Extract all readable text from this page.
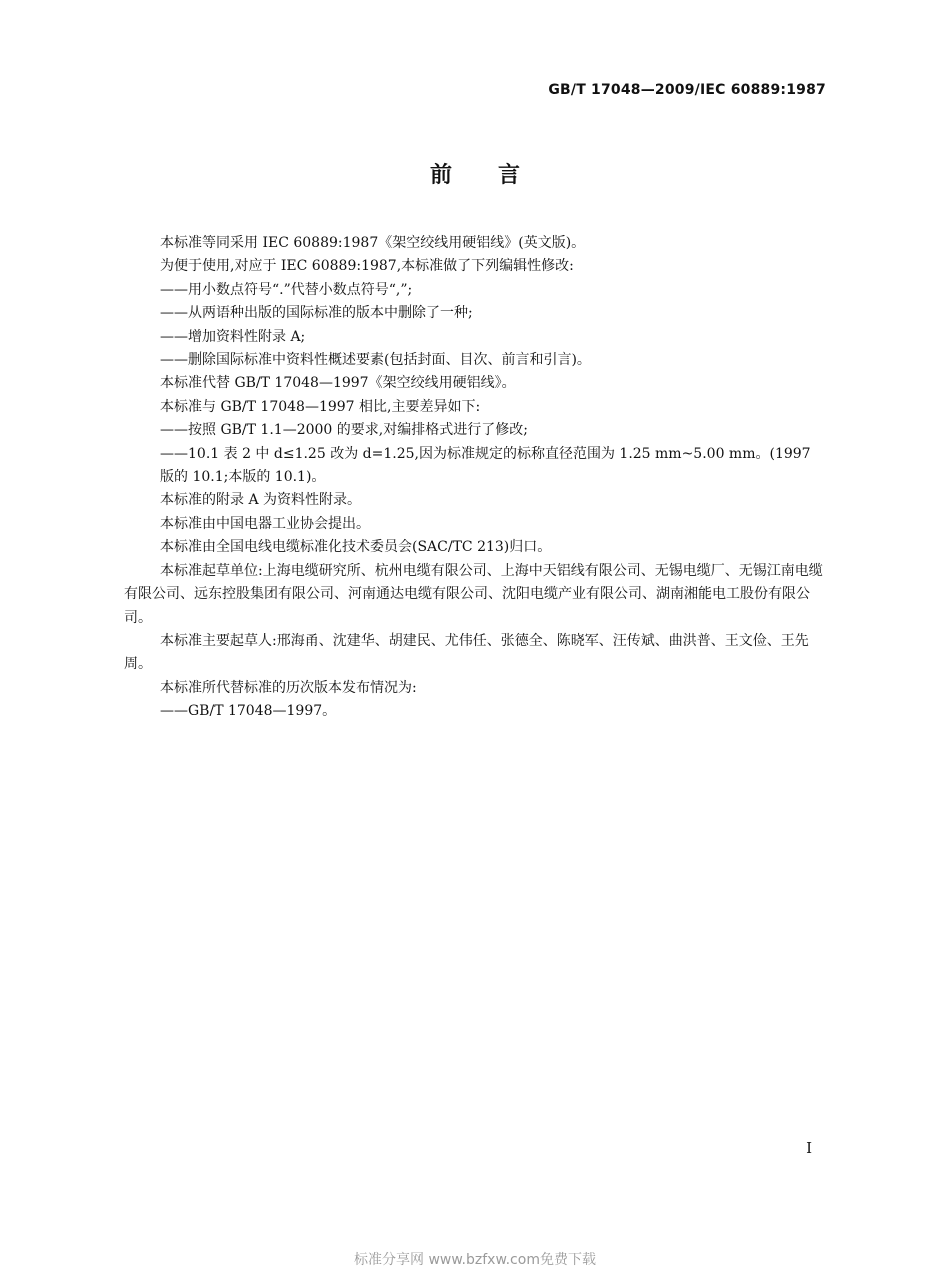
GB/T 17048—2009/IEC 60889:1987
前言

本标准等同采用 IEC 60889:1987《架空绞线用硬铝线》(英文版)。

为便于使用,对应于 IEC 60889:1987,本标准做了下列编辑性修改:

——用小数点符号“.”代替小数点符号“,”;

——从两语种出版的国际标准的版本中删除了一种;

——增加资料性附录 A;

——删除国际标准中资料性概述要素(包括封面、目次、前言和引言)。

本标准代替 GB/T 17048—1997《架空绞线用硬铝线》。

本标准与 GB/T 17048—1997 相比,主要差异如下:

——按照 GB/T 1.1—2000 的要求,对编排格式进行了修改;

——10.1 表 2 中 d≤1.25 改为 d=1.25,因为标准规定的标称直径范围为 1.25 mm~5.00 mm。(1997 版的 10.1;本版的 10.1)。

本标准的附录 A 为资料性附录。

本标准由中国电器工业协会提出。

本标准由全国电线电缆标准化技术委员会(SAC/TC 213)归口。

本标准起草单位:上海电缆研究所、杭州电缆有限公司、上海中天铝线有限公司、无锡电缆厂、无锡江南电缆有限公司、远东控股集团有限公司、河南通达电缆有限公司、沈阳电缆产业有限公司、湖南湘能电工股份有限公司。

本标准主要起草人:邢海甬、沈建华、胡建民、尤伟任、张德全、陈晓军、汪传斌、曲洪普、王文俭、王先周。

本标准所代替标准的历次版本发布情况为:

——GB/T 17048—1997。

I
标准分享网 www.bzfxw.com免费下载
